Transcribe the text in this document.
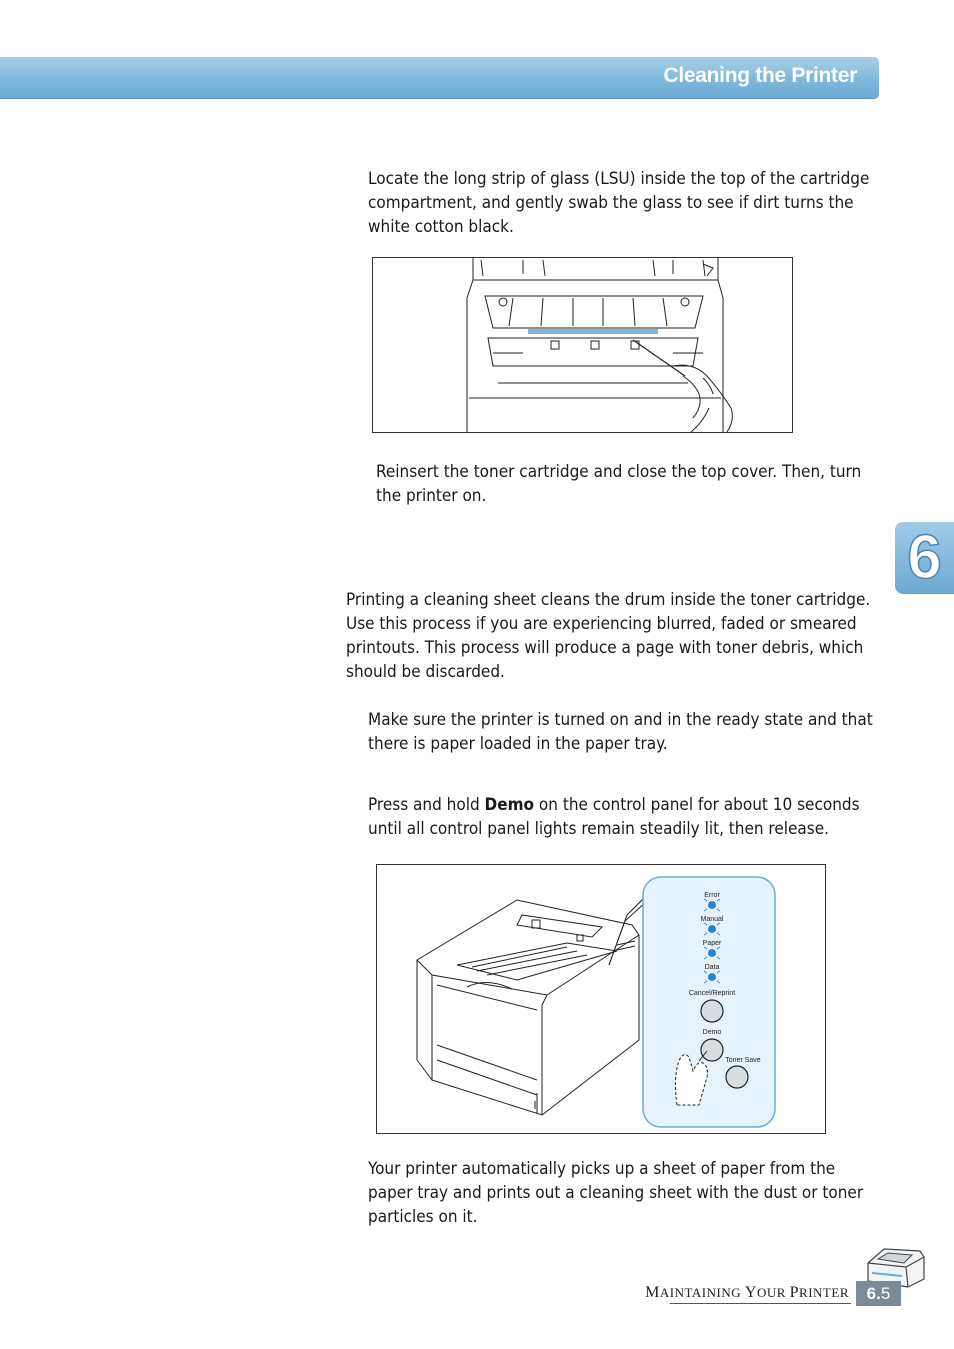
Cleaning the Printer
Locate the long strip of glass (LSU) inside the top of the cartridge compartment, and gently swab the glass to see if dirt turns the white cotton black.
Reinsert the toner cartridge and close the top cover. Then, turn the printer on.
6
Printing a cleaning sheet cleans the drum inside the toner cartridge. Use this process if you are experiencing blurred, faded or smeared printouts. This process will produce a page with toner debris, which should be discarded.
Make sure the printer is turned on and in the ready state and that there is paper loaded in the paper tray.
Press and hold Demo on the control panel for about 10 seconds until all control panel lights remain steadily lit, then release.
Error
Manual
Paper
Data
Cancel/Reprint
Demo
Toner Save
Your printer automatically picks up a sheet of paper from the paper tray and prints out a cleaning sheet with the dust or toner particles on it.
MAINTAINING YOUR PRINTER	6.5
